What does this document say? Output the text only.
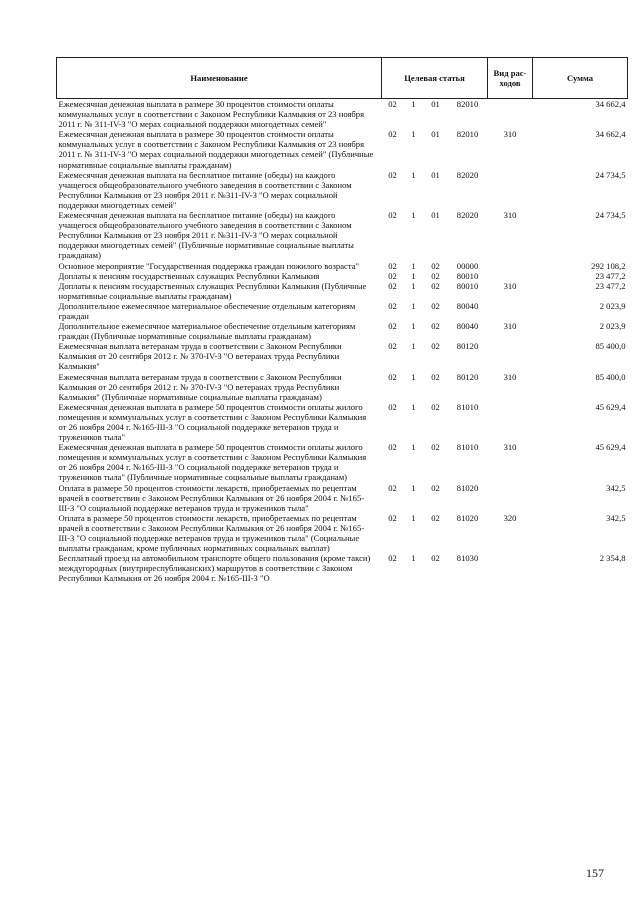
Наименование	Целевая статья				Вид рас-ходов	Сумма
Ежемесячная денежная выплата в размере 30 процентов стоимости оплаты коммунальных услуг в соответствии с Законом Республики Калмыкия от 23 ноября 2011 г. № 311-IV-З "О мерах социальной поддержки многодетных семей"	02	1	01	82010		34 662,4
Ежемесячная денежная выплата в размере 30 процентов стоимости оплаты коммунальных услуг в соответствии с Законом Республики Калмыкия от 23 ноября 2011 г. № 311-IV-З "О мерах социальной поддержки многодетных семей" (Публичные нормативные социальные выплаты гражданам)	02	1	01	82010	310	34 662,4
Ежемесячная денежная выплата на бесплатное питание (обеды) на каждого учащегося общеобразовательного учебного заведения в соответствии с Законом Республики Калмыкия от 23 ноября 2011 г. №311-IV-З "О мерах социальной поддержки многодетных семей"	02	1	01	82020		24 734,5
Ежемесячная денежная выплата на бесплатное питание (обеды) на каждого учащегося общеобразовательного учебного заведения в соответствии с Законом Республики Калмыкия от 23 ноября 2011 г. №311-IV-З "О мерах социальной поддержки многодетных семей" (Публичные нормативные социальные выплаты гражданам)	02	1	01	82020	310	24 734,5
Основное мероприятие "Государственная поддержка граждан пожилого возраста"	02	1	02	00000		292 108,2
Доплаты к пенсиям государственных служащих Республики Калмыкия	02	1	02	80010		23 477,2
Доплаты к пенсиям государственных служащих Республики Калмыкия (Публичные нормативные социальные выплаты гражданам)	02	1	02	80010	310	23 477,2
Дополнительное ежемесячное материальное обеспечение отдельным категориям граждан	02	1	02	80040		2 023,9
Дополнительное ежемесячное материальное обеспечение отдельным категориям граждан (Публичные нормативные социальные выплаты гражданам)	02	1	02	80040	310	2 023,9
Ежемесячная выплата ветеранам труда в соответствии с Законом Республики Калмыкия от 20 сентября 2012 г. № 370-IV-З "О ветеранах труда Республики Калмыкия"	02	1	02	80120		85 400,0
Ежемесячная выплата ветеранам труда в соответствии с Законом Республики Калмыкия от 20 сентября 2012 г. № 370-IV-З "О ветеранах труда Республики Калмыкия" (Публичные нормативные социальные выплаты гражданам)	02	1	02	80120	310	85 400,0
Ежемесячная денежная выплата в размере 50 процентов стоимости оплаты жилого помещения и коммунальных услуг в соответствии с Законом Республики Калмыкия от 26 ноября 2004 г. №165-III-З "О социальной поддержке ветеранов труда и тружеников тыла"	02	1	02	81010		45 629,4
Ежемесячная денежная выплата в размере 50 процентов стоимости оплаты жилого помещения и коммунальных услуг в соответствии с Законом Республики Калмыкия от 26 ноября 2004 г. №165-III-З "О социальной поддержке ветеранов труда и тружеников тыла" (Публичные нормативные социальные выплаты гражданам)	02	1	02	81010	310	45 629,4
Оплата в размере 50 процентов стоимости лекарств, приобретаемых по рецептам врачей в соответствии с Законом Республики Калмыкия от 26 ноября 2004 г. №165-III-З "О социальной поддержке ветеранов труда и тружеников тыла"	02	1	02	81020		342,5
Оплата в размере 50 процентов стоимости лекарств, приобретаемых по рецептам врачей в соответствии с Законом Республики Калмыкия от 26 ноября 2004 г. №165-III-З "О социальной поддержке ветеранов труда и тружеников тыла" (Социальные выплаты гражданам, кроме публичных нормативных социальных выплат)	02	1	02	81020	320	342,5
Бесплатный проезд на автомобильном транспорте общего пользования (кроме такси) междугородных (внутриреспубликанских) маршрутов в соответствии с Законом Республики Калмыкия от 26 ноября 2004 г. №165-III-З "О	02	1	02	81030		2 354,8
157
